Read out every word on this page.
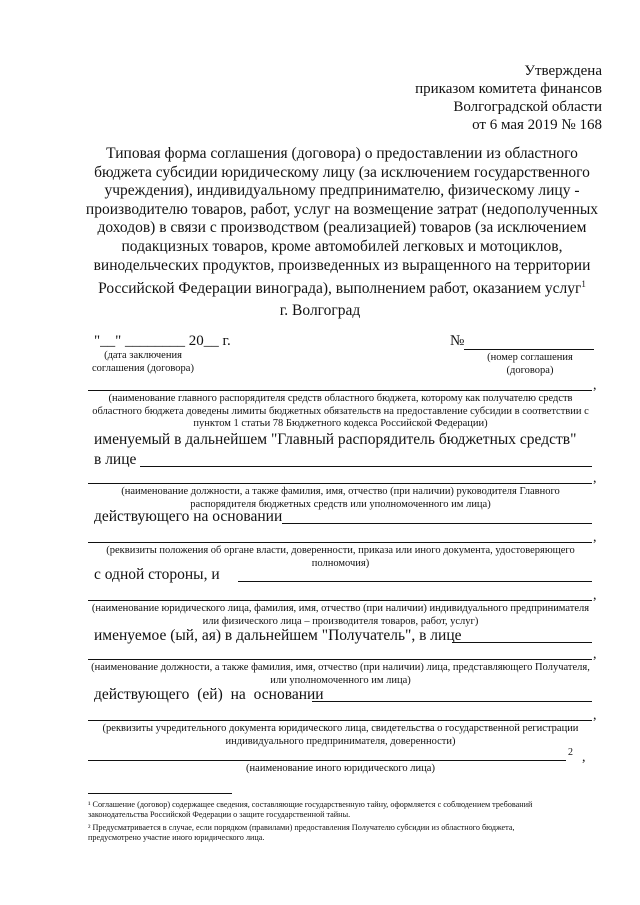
Утверждена
приказом комитета финансов
Волгоградской области
от 6 мая 2019 № 168
Типовая форма соглашения (договора) о предоставлении из областного бюджета субсидии юридическому лицу (за исключением государственного учреждения), индивидуальному предпринимателю, физическому лицу - производителю товаров, работ, услуг на возмещение затрат (недополученных доходов) в связи с производством (реализацией) товаров (за исключением подакцизных товаров, кроме автомобилей легковых и мотоциклов, винодельческих продуктов, произведенных из выращенного на территории Российской Федерации винограда), выполнением работ, оказанием услуг$^1$
г. Волгоград
"__" ________ 20__ г.
(дата заключения соглашения (договора)
№
(номер соглашения (договора)
,
(наименование главного распорядителя средств областного бюджета, которому как получателю средств областного бюджета доведены лимиты бюджетных обязательств на предоставление субсидии в соответствии с пунктом 1 статьи 78 Бюджетного кодекса Российской Федерации)
именуемый в дальнейшем "Главный распорядитель бюджетных средств"
в лице
,
(наименование должности, а также фамилия, имя, отчество (при наличии) руководителя Главного распорядителя бюджетных средств или уполномоченного им лица)
действующего на основании
,
(реквизиты положения об органе власти, доверенности, приказа или иного документа, удостоверяющего полномочия)
с одной стороны, и
,
(наименование юридического лица, фамилия, имя, отчество (при наличии) индивидуального предпринимателя или физического лица – производителя товаров, работ, услуг)
именуемое (ый, ая) в дальнейшем "Получатель", в лице
,
(наименование должности, а также фамилия, имя, отчество (при наличии) лица, представляющего Получателя, или уполномоченного им лица)
действующего (ей) на основании
,
(реквизиты учредительного документа юридического лица, свидетельства о государственной регистрации индивидуального предпринимателя, доверенности)
2 ,
(наименование иного юридического лица)
¹ Соглашение (договор) содержащее сведения, составляющие государственную тайну, оформляется с соблюдением требований законодательства Российской Федерации о защите государственной тайны.
² Предусматривается в случае, если порядком (правилами) предоставления Получателю субсидии из областного бюджета, предусмотрено участие иного юридического лица.
